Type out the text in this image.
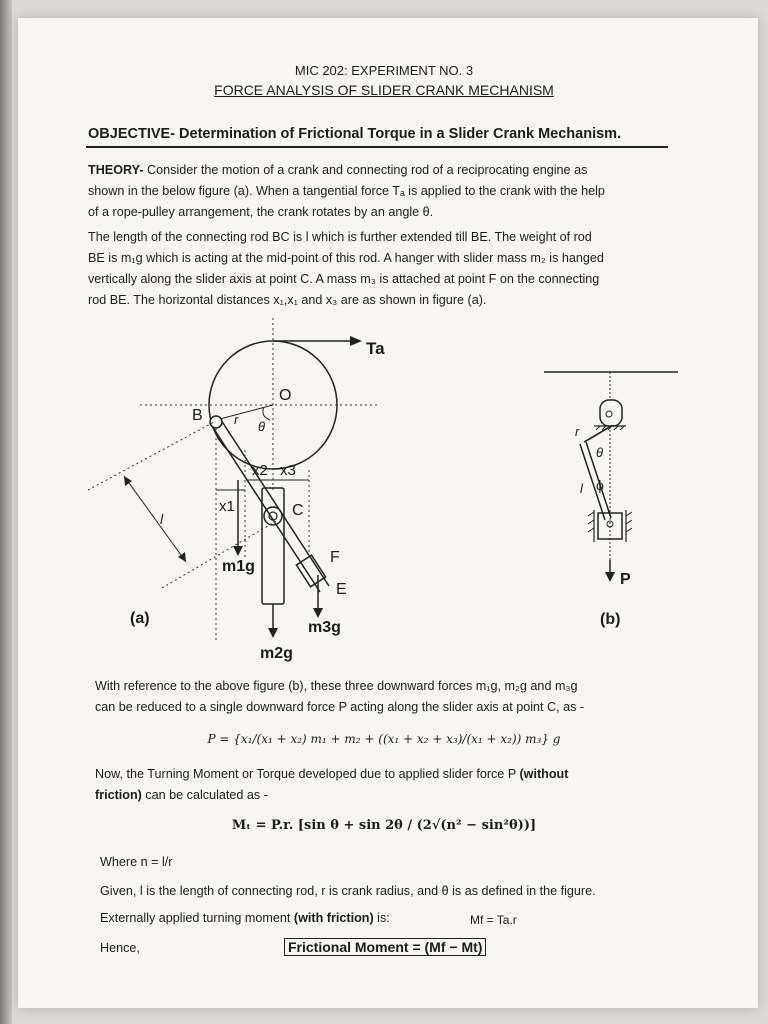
MIC 202: EXPERIMENT NO. 3
FORCE ANALYSIS OF SLIDER CRANK MECHANISM
OBJECTIVE- Determination of Frictional Torque in a Slider Crank Mechanism.
THEORY- Consider the motion of a crank and connecting rod of a reciprocating engine as
shown in the below figure (a). When a tangential force Tₐ is applied to the crank with the help
of a rope-pulley arrangement, the crank rotates by an angle θ.
The length of the connecting rod BC is l which is further extended till BE. The weight of rod
BE is m₁g which is acting at the mid-point of this rod. A hanger with slider mass m₂ is hanged
vertically along the slider axis at point C. A mass m₃ is attached at point F on the connecting
rod BE. The horizontal distances x₁,x₁ and x₃ are as shown in figure (a).
Ta
O
r θ
B
x2 x3
x1	C
m1g
m2g
F
E
m3g
l
(a)
r
θ
l ϕ
P
(b)
With reference to the above figure (b), these three downward forces m₁g, m₂g and m₃g
can be reduced to a single downward force P acting along the slider axis at point C, as -
P = {x₁/(x₁ + x₂) m₁ + m₂ + ((x₁ + x₂ + x₃)/(x₁ + x₂)) m₃} g
Now, the Turning Moment or Torque developed due to applied slider force P (without
friction) can be calculated as -
Mₜ = P.r. [sin θ + sin 2θ / (2√(n² − sin²θ))]
Where n = l/r
Given, l is the length of connecting rod, r is crank radius, and θ is as defined in the figure.
Externally applied turning moment (with friction) is:	Mf = Ta.r
Hence,	Frictional Moment = (Mf − Mt)
